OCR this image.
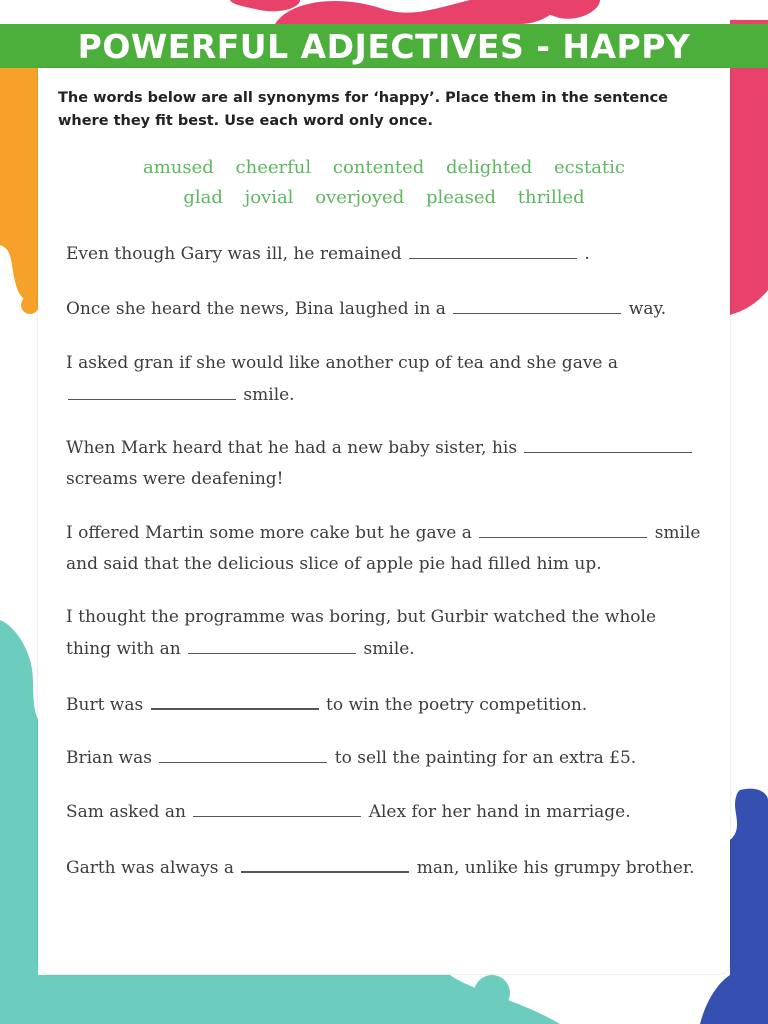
POWERFUL ADJECTIVES - HAPPY
The words below are all synonyms for ‘happy’. Place them in the sentence where they fit best. Use each word only once.
amused cheerful contented delighted ecstatic
glad jovial overjoyed pleased thrilled
Even though Gary was ill, he remained	.
Once she heard the news, Bina laughed in a	way.
I asked gran if she would like another cup of tea and she gave a  smile.
When Mark heard that he had a new baby sister, his  screams were deafening!
I offered Martin some more cake but he gave a	smile and said that the delicious slice of apple pie had filled him up.
I thought the programme was boring, but Gurbir watched the whole thing with an	smile.
Burt was	to win the poetry competition.
Brian was	to sell the painting for an extra £5.
Sam asked an	Alex for her hand in marriage.
Garth was always a	man, unlike his grumpy brother.
